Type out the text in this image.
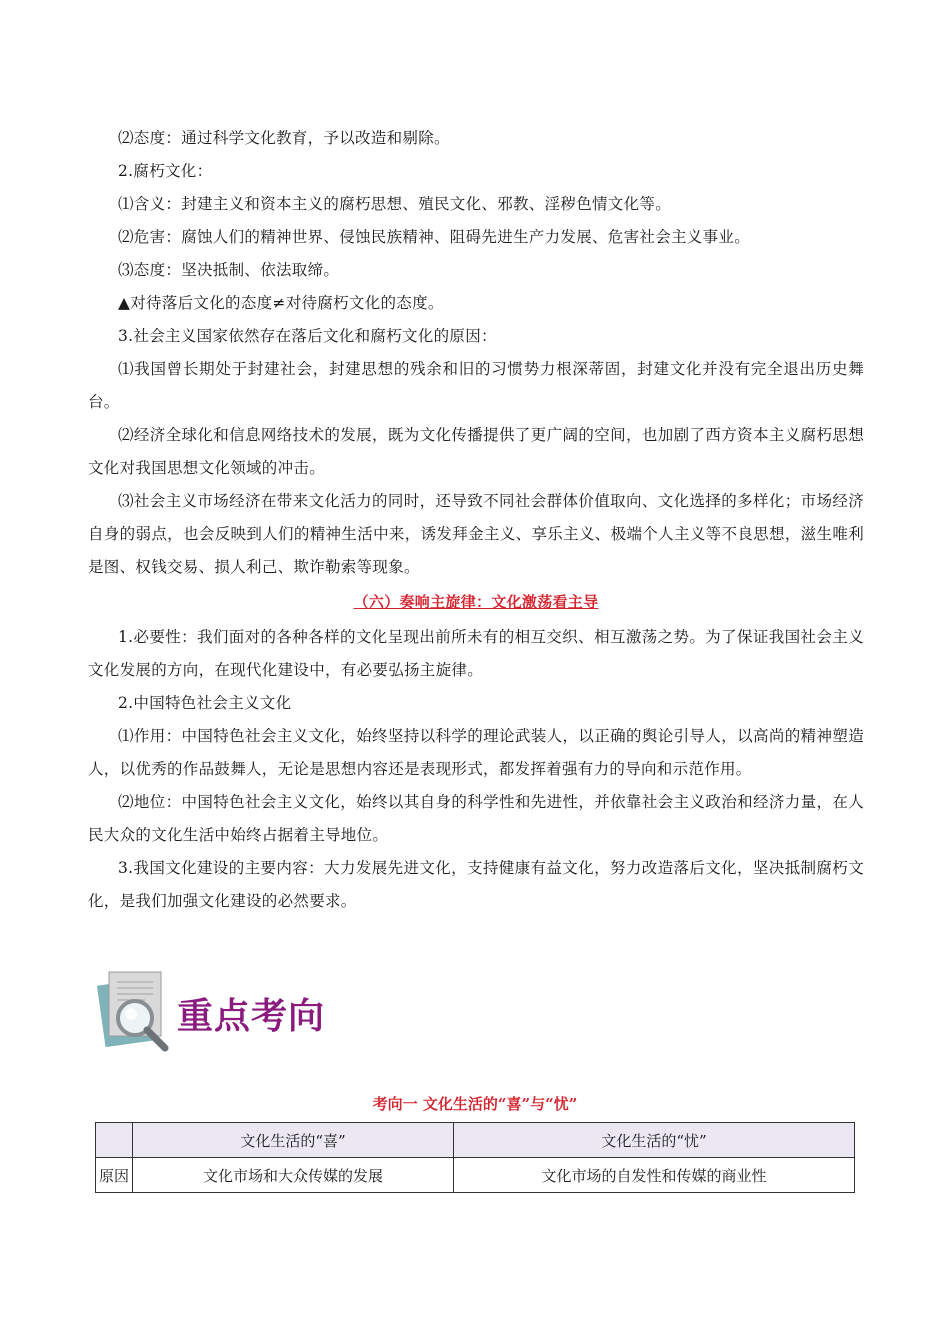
⑵态度：通过科学文化教育，予以改造和剔除。

2.腐朽文化：

⑴含义：封建主义和资本主义的腐朽思想、殖民文化、邪教、淫秽色情文化等。

⑵危害：腐蚀人们的精神世界、侵蚀民族精神、阻碍先进生产力发展、危害社会主义事业。

⑶态度：坚决抵制、依法取缔。

▲对待落后文化的态度≠对待腐朽文化的态度。

3.社会主义国家依然存在落后文化和腐朽文化的原因：

⑴我国曾长期处于封建社会，封建思想的残余和旧的习惯势力根深蒂固，封建文化并没有完全退出历史舞台。

⑵经济全球化和信息网络技术的发展，既为文化传播提供了更广阔的空间，也加剧了西方资本主义腐朽思想文化对我国思想文化领域的冲击。

⑶社会主义市场经济在带来文化活力的同时，还导致不同社会群体价值取向、文化选择的多样化；市场经济自身的弱点，也会反映到人们的精神生活中来，诱发拜金主义、享乐主义、极端个人主义等不良思想，滋生唯利是图、权钱交易、损人利己、欺诈勒索等现象。

（六）奏响主旋律：文化激荡看主导

1.必要性：我们面对的各种各样的文化呈现出前所未有的相互交织、相互激荡之势。为了保证我国社会主义文化发展的方向，在现代化建设中，有必要弘扬主旋律。

2.中国特色社会主义文化

⑴作用：中国特色社会主义文化，始终坚持以科学的理论武装人，以正确的舆论引导人，以高尚的精神塑造人，以优秀的作品鼓舞人，无论是思想内容还是表现形式，都发挥着强有力的导向和示范作用。

⑵地位：中国特色社会主义文化，始终以其自身的科学性和先进性，并依靠社会主义政治和经济力量，在人民大众的文化生活中始终占据着主导地位。

3.我国文化建设的主要内容：大力发展先进文化，支持健康有益文化，努力改造落后文化，坚决抵制腐朽文化，是我们加强文化建设的必然要求。

重点考向
考向一 文化生活的“喜”与“忧”
	文化生活的“喜”	文化生活的“忧”
原因	文化市场和大众传媒的发展	文化市场的自发性和传媒的商业性
